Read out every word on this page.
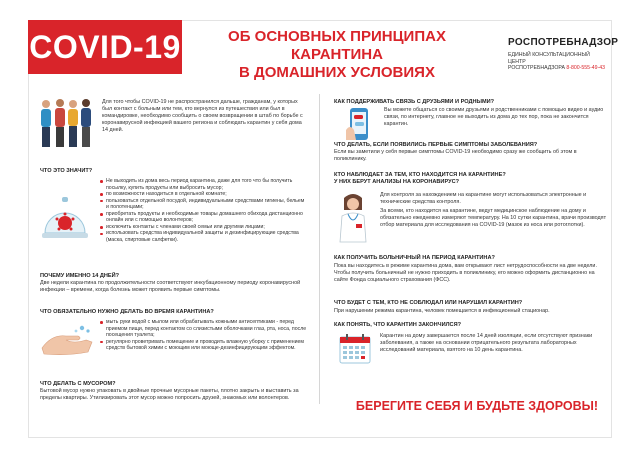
COVID-19	ОБ ОСНОВНЫХ ПРИНЦИПАХ КАРАНТИНА
В ДОМАШНИХ УСЛОВИЯХ
РОСПОТРЕБНАДЗОР
ЕДИНЫЙ КОНСУЛЬТАЦИОННЫЙ ЦЕНТР
РОСПОТРЕБНАДЗОРА 8-800-555-49-43
Для того чтобы COVID-19 не распространился дальше, гражданам, у которых был контакт с больным или тем, кто вернулся из путешествия или был в командировке, необходимо сообщить о своем возвращении в штаб по борьбе с коронавирусной инфекцией вашего региона и соблюдать карантин у себя дома 14 дней.
ЧТО ЭТО ЗНАЧИТ?
Не выходить из дома весь период карантина, даже для того что бы получить посылку, купить продукты или выбросить мусор;
по возможности находиться в отдельной комнате;
пользоваться отдельной посудой, индивидуальными средствами гигиены, бельем и полотенцами;
приобретать продукты и необходимые товары домашнего обихода дистанционно онлайн или с помощью волонтеров;
исключить контакты с членами своей семьи или другими лицами;
использовать средства индивидуальной защиты и дезинфицирующие средства (маска, спиртовые салфетки).
ПОЧЕМУ ИМЕННО 14 ДНЕЙ?
Две недели карантина по продолжительности соответствуют инкубационному периоду коронавирусной инфекции – времени, когда болезнь может проявить первые симптомы.
ЧТО ОБЯЗАТЕЛЬНО НУЖНО ДЕЛАТЬ ВО ВРЕМЯ КАРАНТИНА?
мыть руки водой с мылом или обрабатывать кожными антисептиками - перед приемом пищи, перед контактом со слизистыми оболочками глаз, рта, носа, после посещения туалета;
регулярно проветривать помещение и проводить влажную уборку с применением средств бытовой химии с моющим или моюще-дезинфицирующим эффектом.
ЧТО ДЕЛАТЬ С МУСОРОМ?
Бытовой мусор нужно упаковать в двойные прочные мусорные пакеты, плотно закрыть и выставить за пределы квартиры. Утилизировать этот мусор можно попросить друзей, знакомых или волонтеров.
КАК ПОДДЕРЖИВАТЬ СВЯЗЬ С ДРУЗЬЯМИ И РОДНЫМИ?
Вы можете общаться со своими друзьями и родственниками с помощью видео и аудио связи, по интернету, главное не выходить из дома до тех пор, пока не закончится карантин.
ЧТО ДЕЛАТЬ, ЕСЛИ ПОЯВИЛИСЬ ПЕРВЫЕ СИМПТОМЫ ЗАБОЛЕВАНИЯ?
Если вы заметили у себя первые симптомы COVID-19 необходимо сразу же сообщить об этом в поликлинику.
КТО НАБЛЮДАЕТ ЗА ТЕМ, КТО НАХОДИТСЯ НА КАРАНТИНЕ?
У НИХ БЕРУТ АНАЛИЗЫ НА КОРОНАВИРУС?
Для контроля за нахождением на карантине могут использоваться электронные и технические средства контроля.
За всеми, кто находится на карантине, ведут медицинское наблюдение на дому и обязательно ежедневно измеряют температуру. На 10 сутки карантина, врачи производят отбор материала для исследования на COVID-19 (мазок из носа или ротоглотки).
КАК ПОЛУЧИТЬ БОЛЬНИЧНЫЙ НА ПЕРИОД КАРАНТИНА?
Пока вы находитесь в режиме карантина дома, вам открывают лист нетрудоспособности на две недели. Чтобы получить больничный не нужно приходить в поликлинику, его можно оформить дистанционно на сайте Фонда социального страхования (ФСС).
ЧТО БУДЕТ С ТЕМ, КТО НЕ СОБЛЮДАЛ ИЛИ НАРУШИЛ КАРАНТИН?
При нарушении режима карантина, человек помещается в инфекционный стационар.
КАК ПОНЯТЬ, ЧТО КАРАНТИН ЗАКОНЧИЛСЯ?
Карантин на дому завершается после 14 дней изоляции, если отсутствуют признаки заболевания, а также на основании отрицательного результата лабораторных исследований материала, взятого на 10 день карантина.
БЕРЕГИТЕ СЕБЯ И БУДЬТЕ ЗДОРОВЫ!
